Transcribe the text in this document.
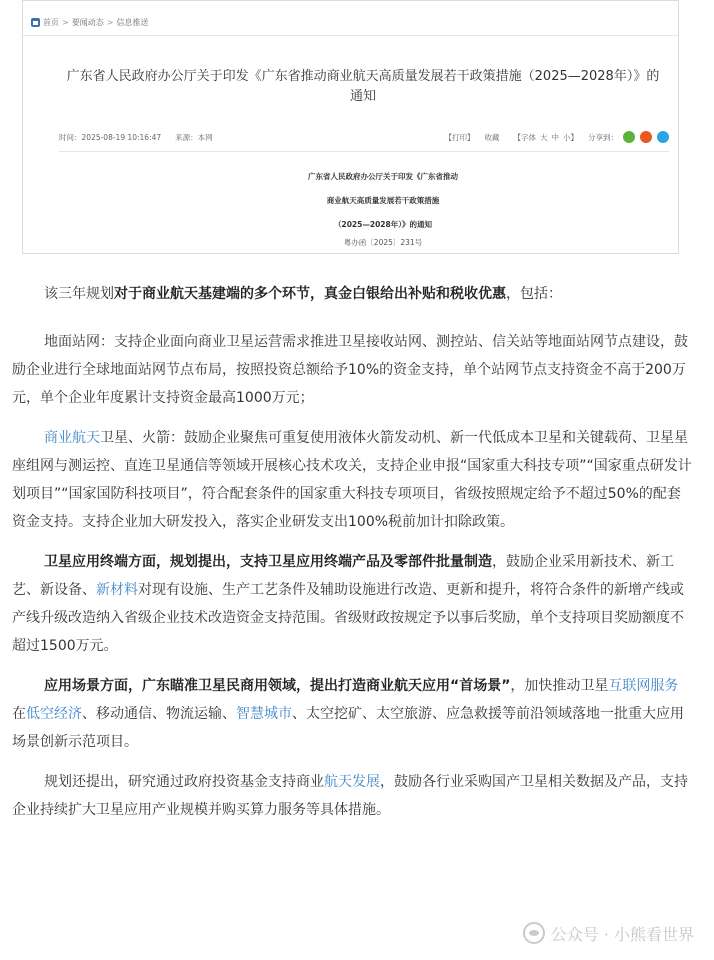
首页 > 要闻动态 > 信息推送
广东省人民政府办公厅关于印发《广东省推动商业航天高质量发展若干政策措施（2025—2028年）》的
通知
时间：2025-08-19 10:16:47 来源：本网	【打印】 收藏 【字体 大 中 小】 分享到：
广东省人民政府办公厅关于印发《广东省推动
商业航天高质量发展若干政策措施
（2025—2028年）》的通知
粤办函〔2025〕231号

该三年规划对于商业航天基建端的多个环节，真金白银给出补贴和税收优惠，包括：

地面站网：支持企业面向商业卫星运营需求推进卫星接收站网、测控站、信关站等地面站网节点建设，鼓励企业进行全球地面站网节点布局，按照投资总额给予10%的资金支持，单个站网节点支持资金不高于200万元，单个企业年度累计支持资金最高1000万元；

商业航天卫星、火箭：鼓励企业聚焦可重复使用液体火箭发动机、新一代低成本卫星和关键载荷、卫星星座组网与测运控、直连卫星通信等领域开展核心技术攻关，支持企业申报“国家重大科技专项”“国家重点研发计划项目”“国家国防科技项目”，符合配套条件的国家重大科技专项项目，省级按照规定给予不超过50%的配套资金支持。支持企业加大研发投入，落实企业研发支出100%税前加计扣除政策。

卫星应用终端方面，规划提出，支持卫星应用终端产品及零部件批量制造，鼓励企业采用新技术、新工艺、新设备、新材料对现有设施、生产工艺条件及辅助设施进行改造、更新和提升，将符合条件的新增产线或产线升级改造纳入省级企业技术改造资金支持范围。省级财政按规定予以事后奖励，单个支持项目奖励额度不超过1500万元。

应用场景方面，广东瞄准卫星民商用领域，提出打造商业航天应用“首场景”，加快推动卫星互联网服务在低空经济、移动通信、物流运输、智慧城市、太空挖矿、太空旅游、应急救援等前沿领域落地一批重大应用场景创新示范项目。

规划还提出，研究通过政府投资基金支持商业航天发展，鼓励各行业采购国产卫星相关数据及产品，支持企业持续扩大卫星应用产业规模并购买算力服务等具体措施。

公众号 · 小熊看世界
